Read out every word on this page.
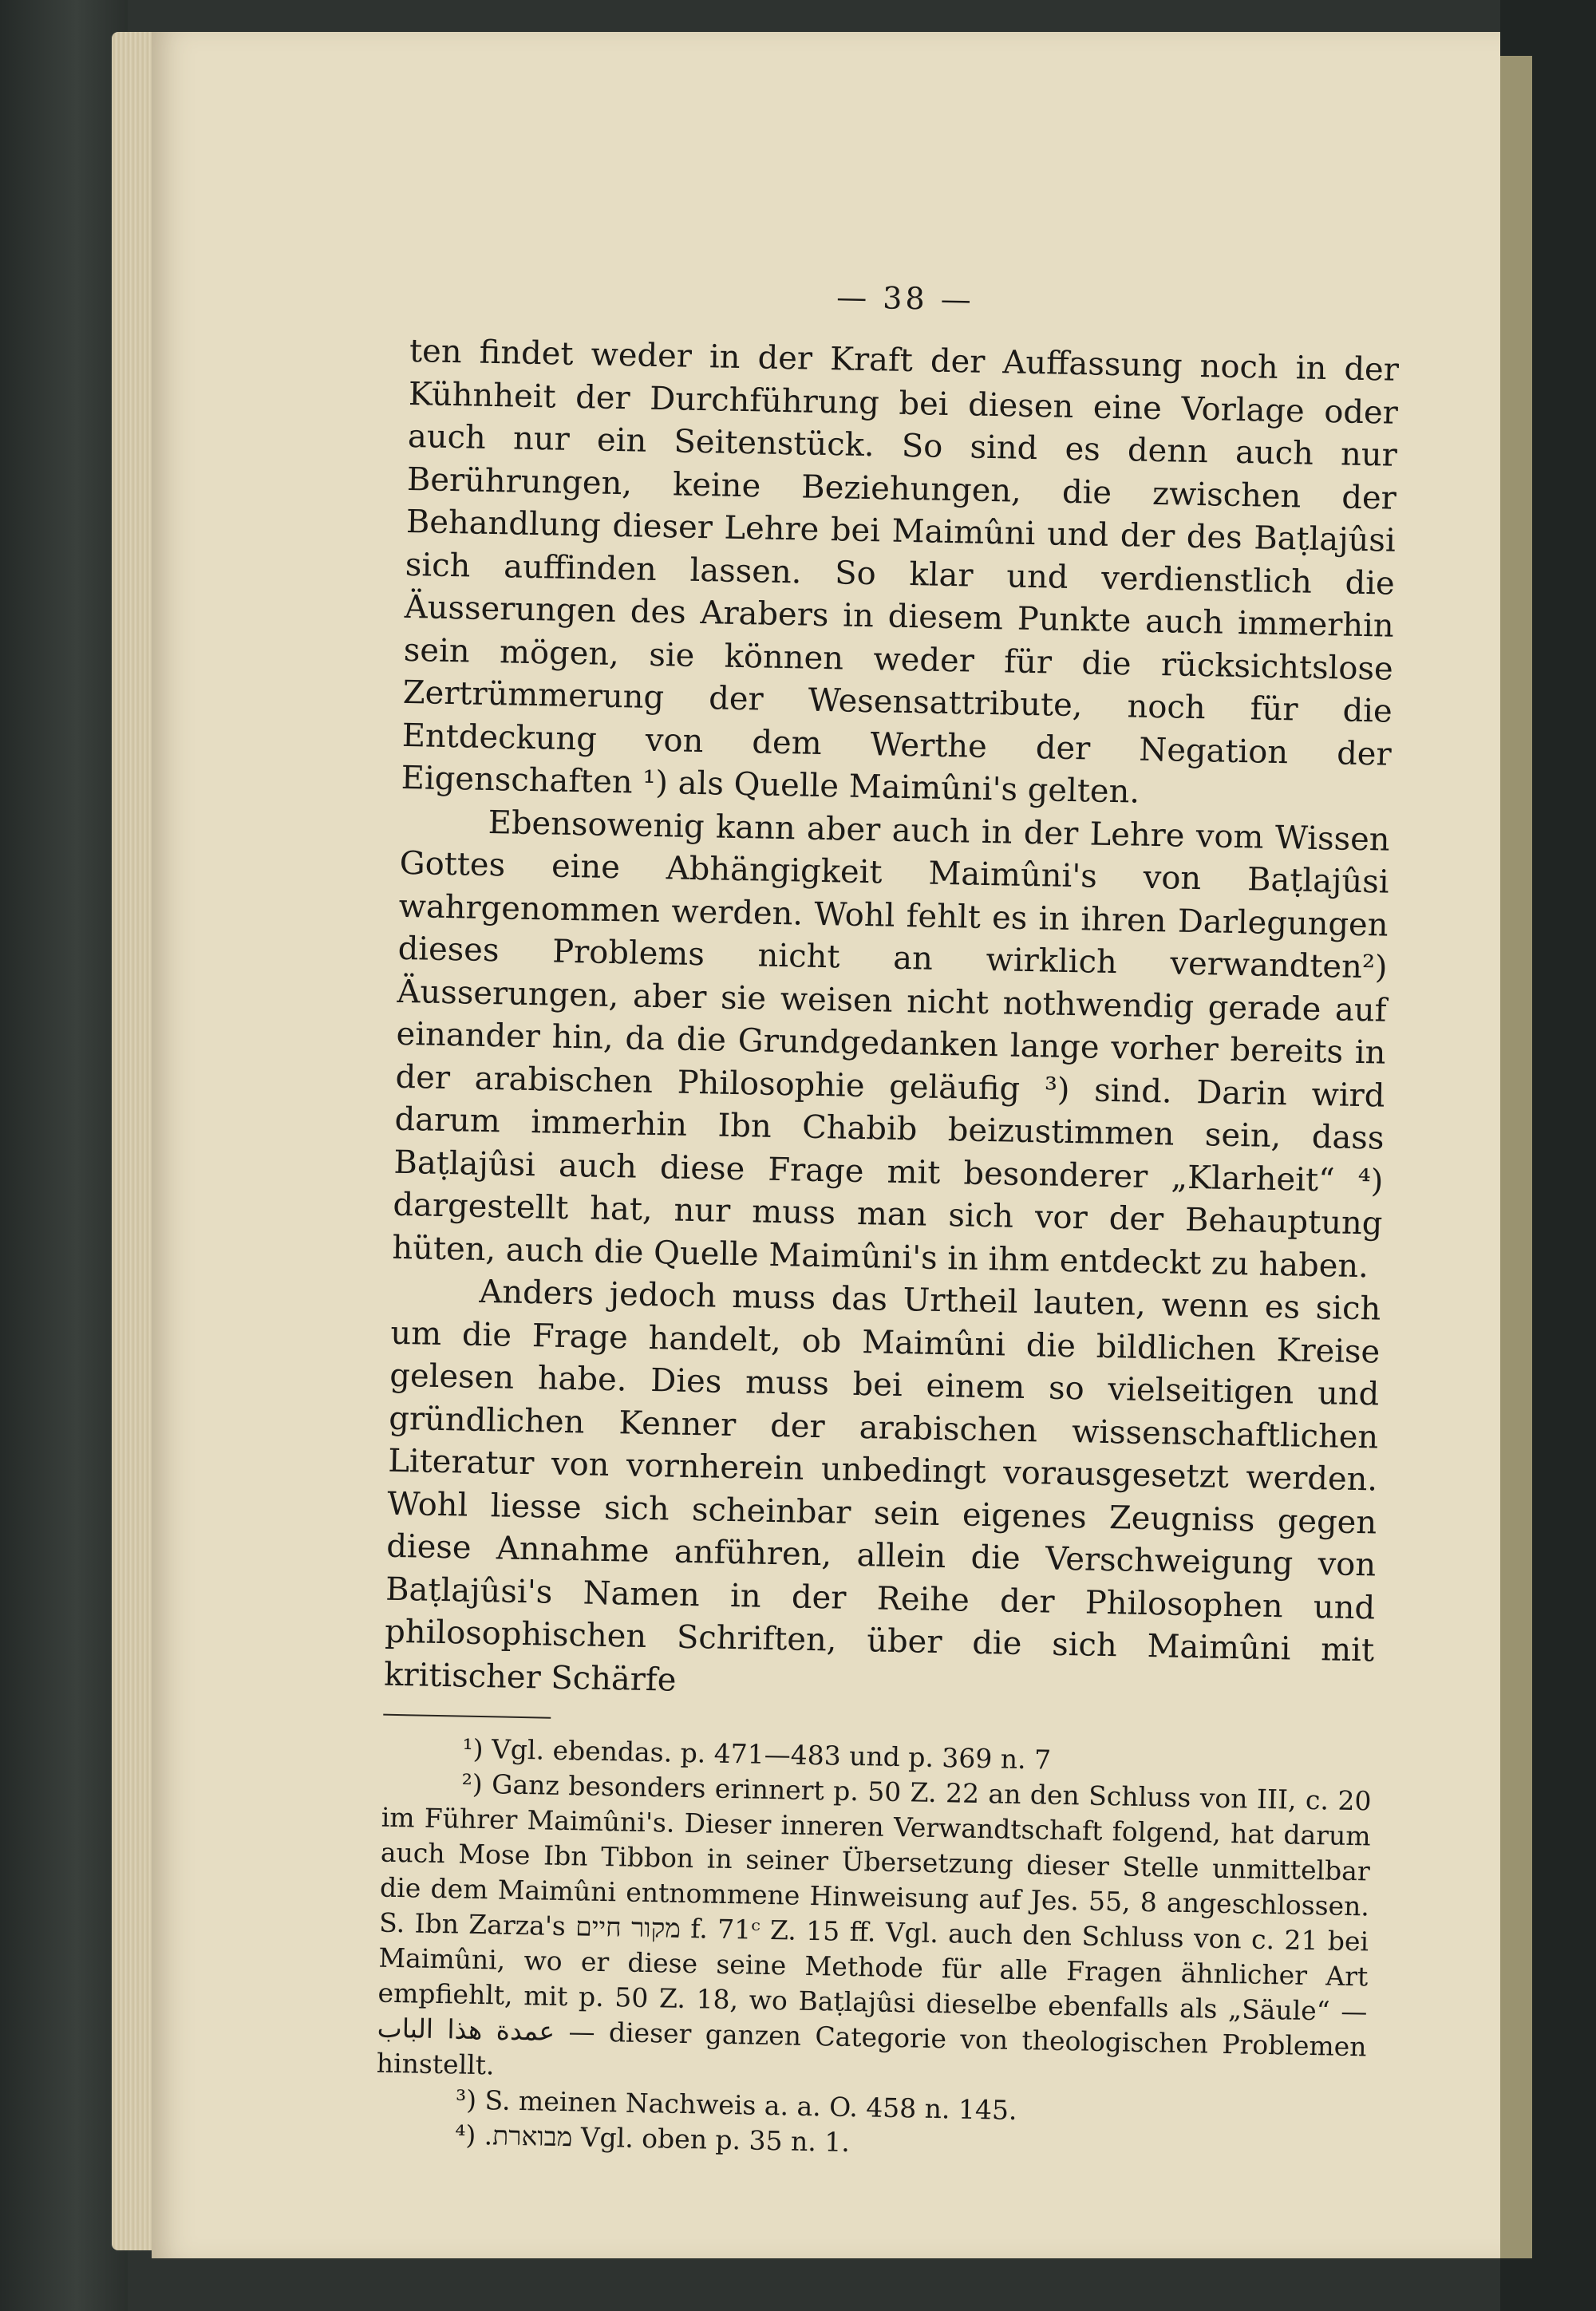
— 38 —

ten findet weder in der Kraft der Auffassung noch in der Kühnheit der Durchführung bei diesen eine Vorlage oder auch nur ein Seitenstück. So sind es denn auch nur Berührungen, keine Beziehungen, die zwischen der Behandlung dieser Lehre bei Maimûni und der des Baṭlajûsi sich auffinden lassen. So klar und verdienstlich die Äusserungen des Arabers in diesem Punkte auch immerhin sein mögen, sie können weder für die rücksichtslose Zertrümmerung der Wesensattribute, noch für die Entdeckung von dem Werthe der Negation der Eigenschaften ¹) als Quelle Maimûni's gelten.

Ebensowenig kann aber auch in der Lehre vom Wissen Gottes eine Abhängigkeit Maimûni's von Baṭlajûsi wahrgenommen werden. Wohl fehlt es in ihren Darlegungen dieses Problems nicht an wirklich verwandten²) Äusserungen, aber sie weisen nicht nothwendig gerade auf einander hin, da die Grundgedanken lange vorher bereits in der arabischen Philosophie geläufig ³) sind. Darin wird darum immerhin Ibn Chabib beizustimmen sein, dass Baṭlajûsi auch diese Frage mit besonderer „Klarheit“ ⁴) dargestellt hat, nur muss man sich vor der Behauptung hüten, auch die Quelle Maimûni's in ihm entdeckt zu haben.

Anders jedoch muss das Urtheil lauten, wenn es sich um die Frage handelt, ob Maimûni die bildlichen Kreise gelesen habe. Dies muss bei einem so vielseitigen und gründlichen Kenner der arabischen wissenschaftlichen Literatur von vornherein unbedingt vorausgesetzt werden. Wohl liesse sich scheinbar sein eigenes Zeugniss gegen diese Annahme anführen, allein die Verschweigung von Baṭlajûsi's Namen in der Reihe der Philosophen und philosophischen Schriften, über die sich Maimûni mit kritischer Schärfe

¹) Vgl. ebendas. p. 471—483 und p. 369 n. 7

²) Ganz besonders erinnert p. 50 Z. 22 an den Schluss von III, c. 20 im Führer Maimûni's. Dieser inneren Verwandtschaft folgend, hat darum auch Mose Ibn Tibbon in seiner Übersetzung dieser Stelle unmittelbar die dem Maimûni entnommene Hinweisung auf Jes. 55, 8 angeschlossen. S. Ibn Zarza's מקור חיים f. 71ᶜ Z. 15 ff. Vgl. auch den Schluss von c. 21 bei Maimûni, wo er diese seine Methode für alle Fragen ähnlicher Art empfiehlt, mit p. 50 Z. 18, wo Baṭlajûsi dieselbe ebenfalls als „Säule“ — عمدة هذا الباب — dieser ganzen Categorie von theologischen Problemen hinstellt.

³) S. meinen Nachweis a. a. O. 458 n. 145.

⁴) .מבוארת Vgl. oben p. 35 n. 1.
